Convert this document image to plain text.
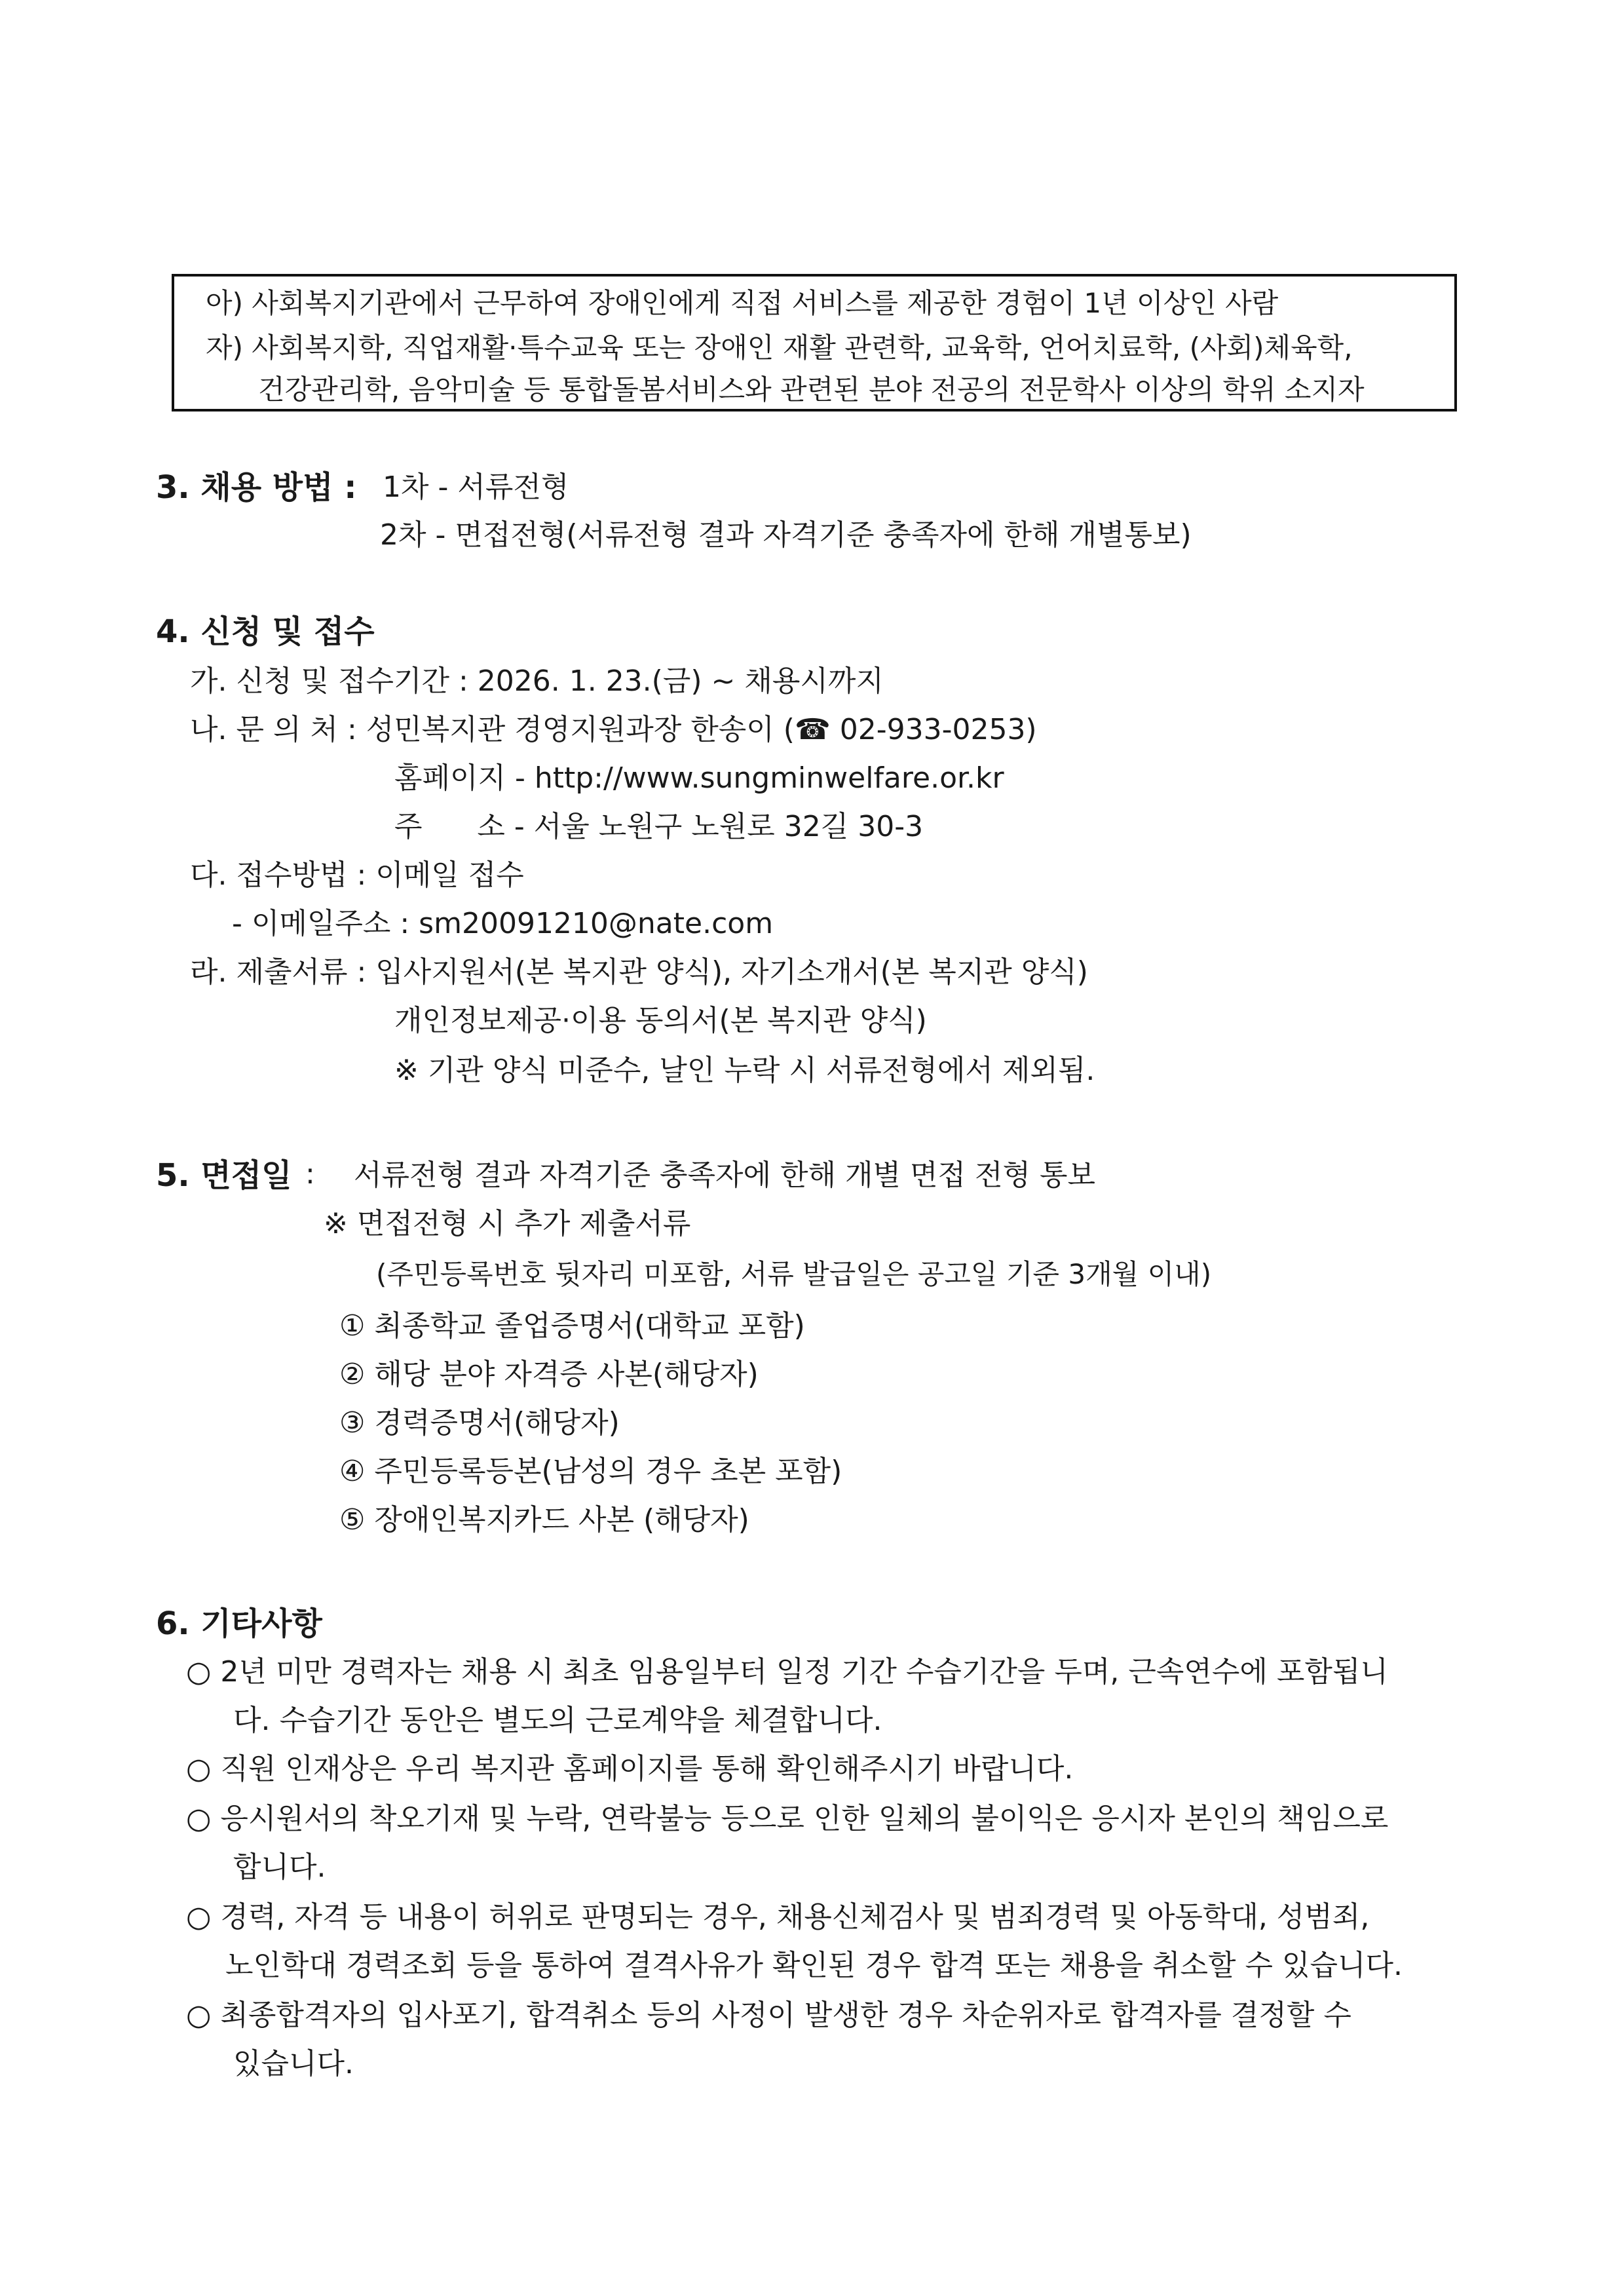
아) 사회복지기관에서 근무하여 장애인에게 직접 서비스를 제공한 경험이 1년 이상인 사람
자) 사회복지학, 직업재활·특수교육 또는 장애인 재활 관련학, 교육학, 언어치료학, (사회)체육학,
건강관리학, 음악미술 등 통합돌봄서비스와 관련된 분야 전공의 전문학사 이상의 학위 소지자
3. 채용 방법 : 1차 - 서류전형
2차 - 면접전형(서류전형 결과 자격기준 충족자에 한해 개별통보)
4. 신청 및 접수
가. 신청 및 접수기간 : 2026. 1. 23.(금) ~ 채용시까지
나. 문 의 처 : 성민복지관 경영지원과장 한송이 (☎ 02-933-0253)
홈페이지 - http://www.sungminwelfare.or.kr
주      소 - 서울 노원구 노원로 32길 30-3
다. 접수방법 : 이메일 접수
- 이메일주소 : sm20091210@nate.com
라. 제출서류 : 입사지원서(본 복지관 양식), 자기소개서(본 복지관 양식)
개인정보제공·이용 동의서(본 복지관 양식)
※ 기관 양식 미준수, 날인 누락 시 서류전형에서 제외됨.
5. 면접일 : 서류전형 결과 자격기준 충족자에 한해 개별 면접 전형 통보
※ 면접전형 시 추가 제출서류
(주민등록번호 뒷자리 미포함, 서류 발급일은 공고일 기준 3개월 이내)
① 최종학교 졸업증명서(대학교 포함)
② 해당 분야 자격증 사본(해당자)
③ 경력증명서(해당자)
④ 주민등록등본(남성의 경우 초본 포함)
⑤ 장애인복지카드 사본 (해당자)
6. 기타사항
○ 2년 미만 경력자는 채용 시 최초 임용일부터 일정 기간 수습기간을 두며, 근속연수에 포함됩니
다. 수습기간 동안은 별도의 근로계약을 체결합니다.
○ 직원 인재상은 우리 복지관 홈페이지를 통해 확인해주시기 바랍니다.
○ 응시원서의 착오기재 및 누락, 연락불능 등으로 인한 일체의 불이익은 응시자 본인의 책임으로
합니다.
○ 경력, 자격 등 내용이 허위로 판명되는 경우, 채용신체검사 및 범죄경력 및 아동학대, 성범죄,
노인학대 경력조회 등을 통하여 결격사유가 확인된 경우 합격 또는 채용을 취소할 수 있습니다.
○ 최종합격자의 입사포기, 합격취소 등의 사정이 발생한 경우 차순위자로 합격자를 결정할 수
있습니다.
